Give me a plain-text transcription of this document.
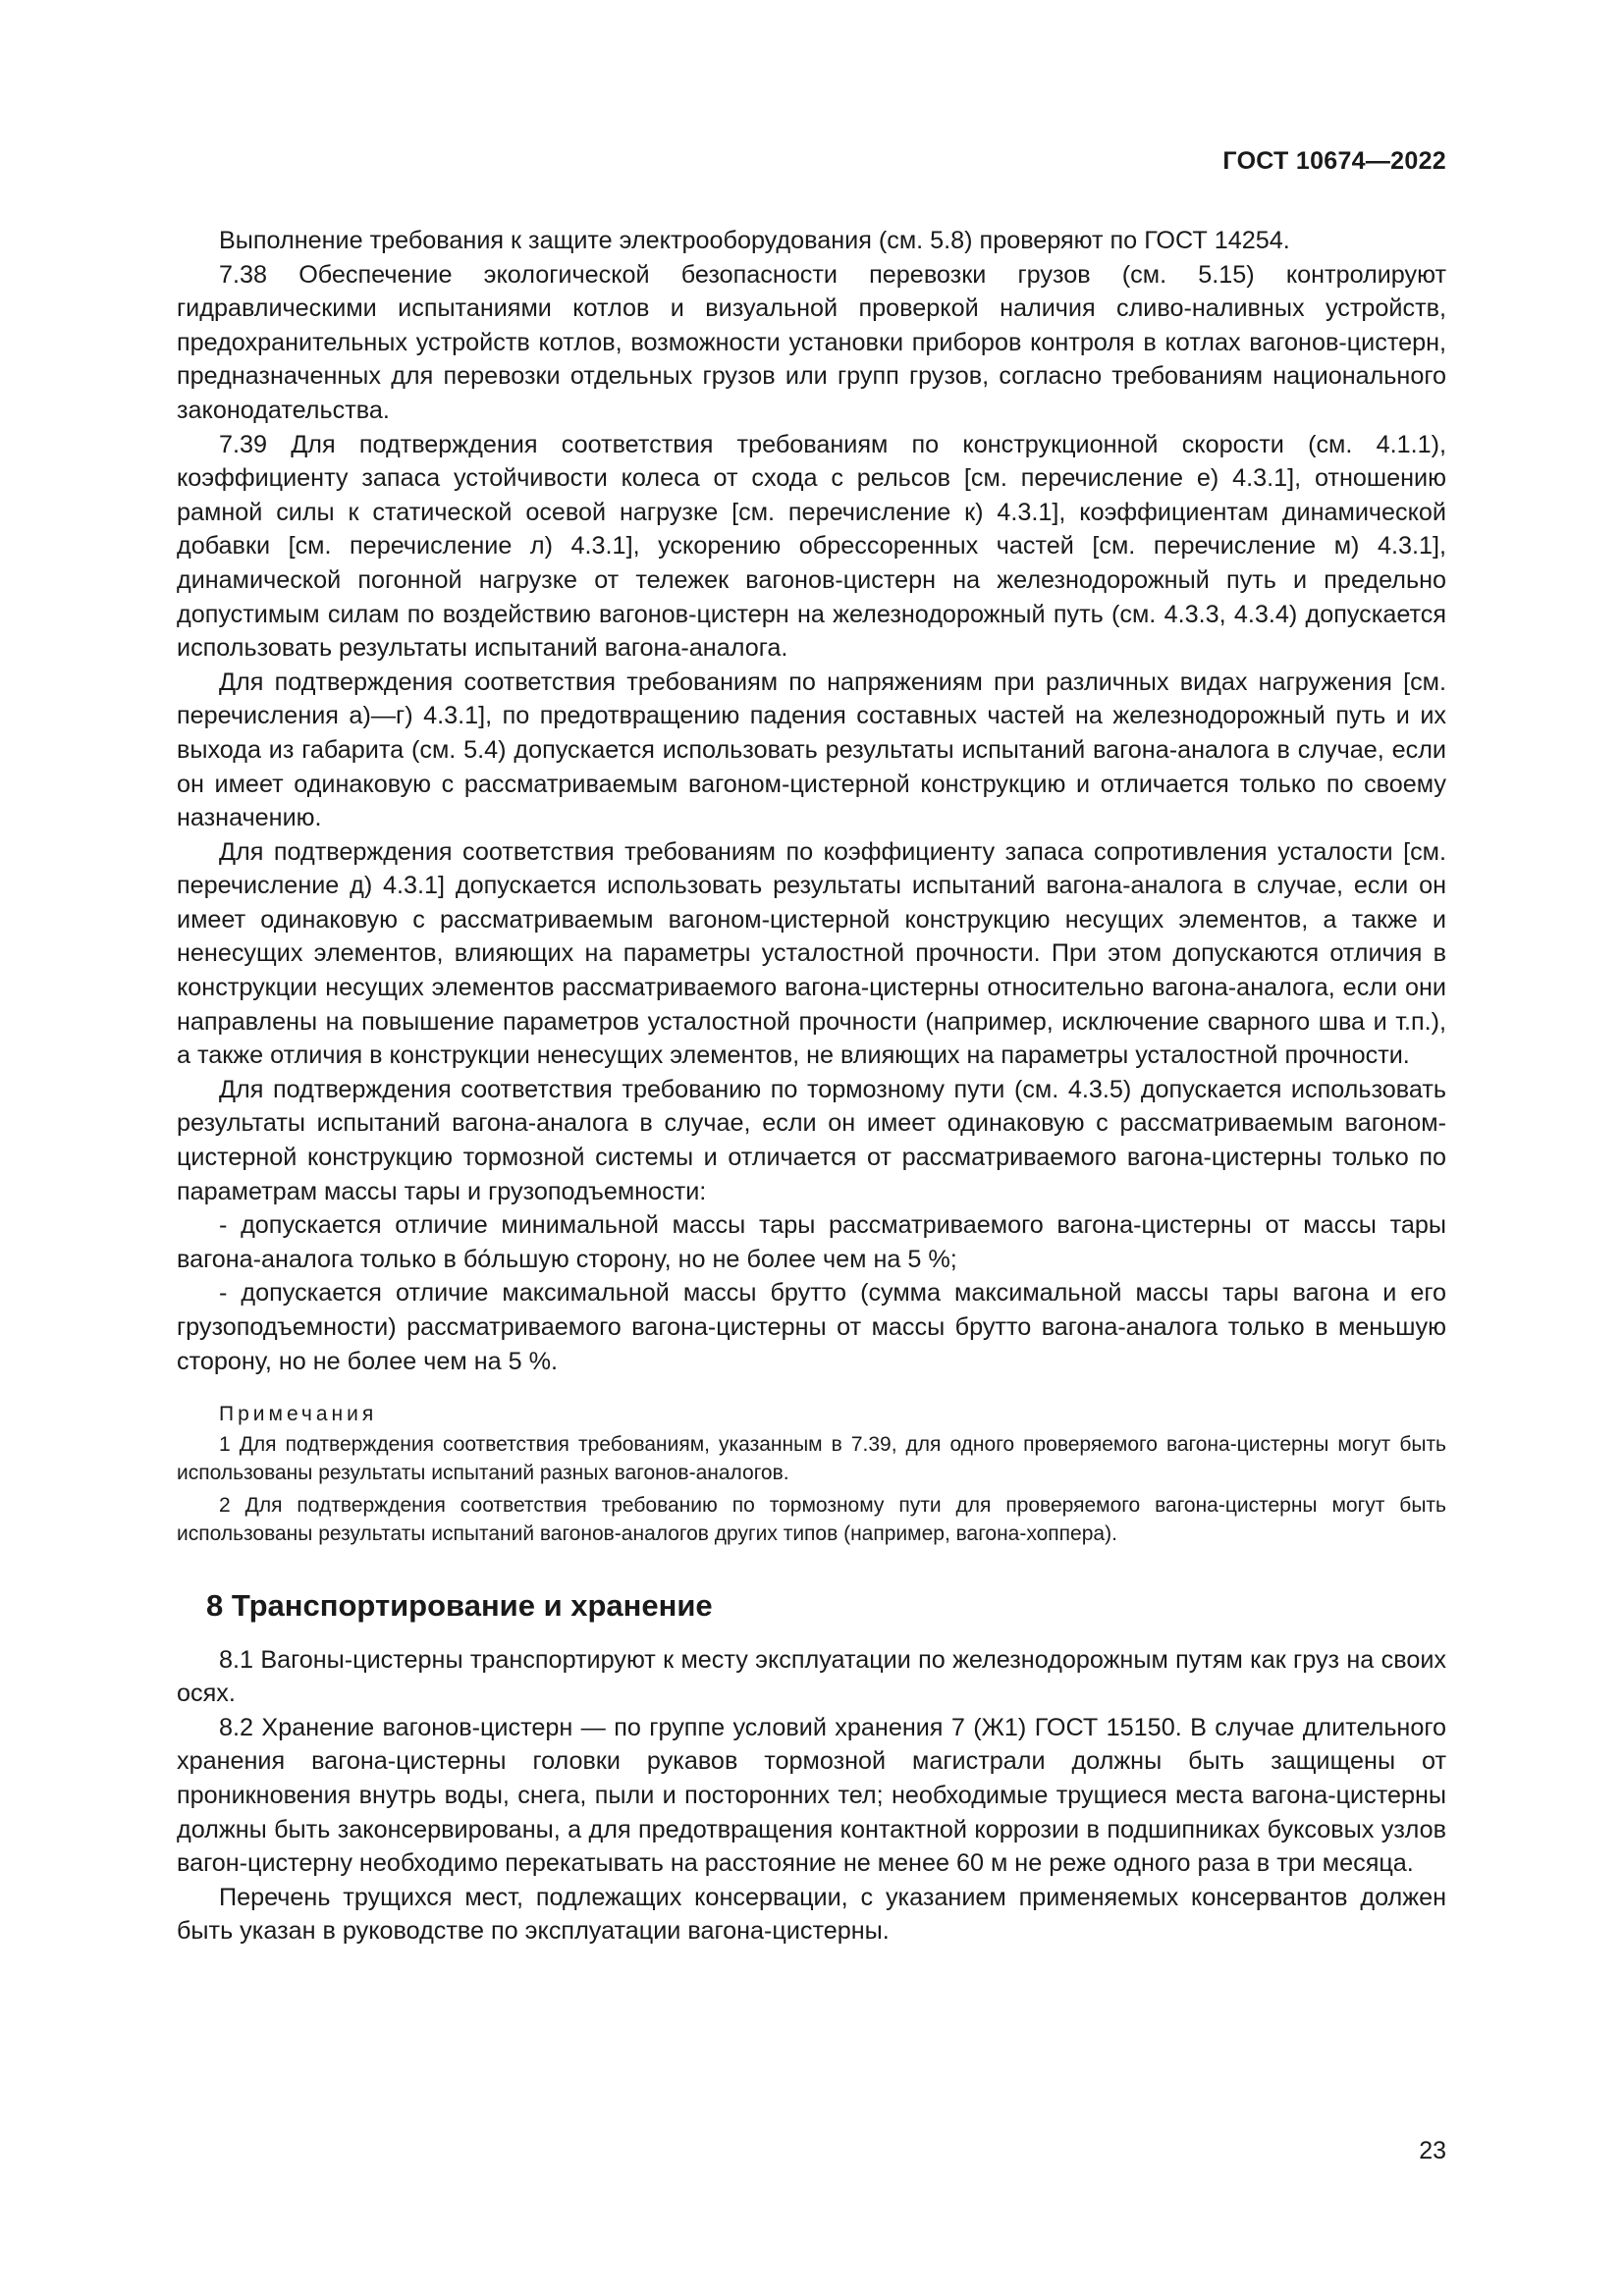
ГОСТ 10674—2022

Выполнение требования к защите электрооборудования (см. 5.8) проверяют по ГОСТ 14254.

7.38 Обеспечение экологической безопасности перевозки грузов (см. 5.15) контролируют гидравлическими испытаниями котлов и визуальной проверкой наличия сливо-наливных устройств, предохранительных устройств котлов, возможности установки приборов контроля в котлах вагонов-цистерн, предназначенных для перевозки отдельных грузов или групп грузов, согласно требованиям национального законодательства.

7.39 Для подтверждения соответствия требованиям по конструкционной скорости (см. 4.1.1), коэффициенту запаса устойчивости колеса от схода с рельсов [см. перечисление е) 4.3.1], отношению рамной силы к статической осевой нагрузке [см. перечисление к) 4.3.1], коэффициентам динамической добавки [см. перечисление л) 4.3.1], ускорению обрессоренных частей [см. перечисление м) 4.3.1], динамической погонной нагрузке от тележек вагонов-цистерн на железнодорожный путь и предельно допустимым силам по воздействию вагонов-цистерн на железнодорожный путь (см. 4.3.3, 4.3.4) допускается использовать результаты испытаний вагона-аналога.

Для подтверждения соответствия требованиям по напряжениям при различных видах нагружения [см. перечисления а)—г) 4.3.1], по предотвращению падения составных частей на железнодорожный путь и их выхода из габарита (см. 5.4) допускается использовать результаты испытаний вагона-аналога в случае, если он имеет одинаковую с рассматриваемым вагоном-цистерной конструкцию и отличается только по своему назначению.

Для подтверждения соответствия требованиям по коэффициенту запаса сопротивления усталости [см. перечисление д) 4.3.1] допускается использовать результаты испытаний вагона-аналога в случае, если он имеет одинаковую с рассматриваемым вагоном-цистерной конструкцию несущих элементов, а также и ненесущих элементов, влияющих на параметры усталостной прочности. При этом допускаются отличия в конструкции несущих элементов рассматриваемого вагона-цистерны относительно вагона-аналога, если они направлены на повышение параметров усталостной прочности (например, исключение сварного шва и т.п.), а также отличия в конструкции ненесущих элементов, не влияющих на параметры усталостной прочности.

Для подтверждения соответствия требованию по тормозному пути (см. 4.3.5) допускается использовать результаты испытаний вагона-аналога в случае, если он имеет одинаковую с рассматриваемым вагоном-цистерной конструкцию тормозной системы и отличается от рассматриваемого вагона-цистерны только по параметрам массы тары и грузоподъемности:

- допускается отличие минимальной массы тары рассматриваемого вагона-цистерны от массы тары вагона-аналога только в бо́льшую сторону, но не более чем на 5 %;

- допускается отличие максимальной массы брутто (сумма максимальной массы тары вагона и его грузоподъемности) рассматриваемого вагона-цистерны от массы брутто вагона-аналога только в меньшую сторону, но не более чем на 5 %.

Примечания

1 Для подтверждения соответствия требованиям, указанным в 7.39, для одного проверяемого вагона-цистерны могут быть использованы результаты испытаний разных вагонов-аналогов.

2 Для подтверждения соответствия требованию по тормозному пути для проверяемого вагона-цистерны могут быть использованы результаты испытаний вагонов-аналогов других типов (например, вагона-хоппера).

8 Транспортирование и хранение

8.1 Вагоны-цистерны транспортируют к месту эксплуатации по железнодорожным путям как груз на своих осях.

8.2 Хранение вагонов-цистерн — по группе условий хранения 7 (Ж1) ГОСТ 15150. В случае длительного хранения вагона-цистерны головки рукавов тормозной магистрали должны быть защищены от проникновения внутрь воды, снега, пыли и посторонних тел; необходимые трущиеся места вагона-цистерны должны быть законсервированы, а для предотвращения контактной коррозии в подшипниках буксовых узлов вагон-цистерну необходимо перекатывать на расстояние не менее 60 м не реже одного раза в три месяца.

Перечень трущихся мест, подлежащих консервации, с указанием применяемых консервантов должен быть указан в руководстве по эксплуатации вагона-цистерны.

23
